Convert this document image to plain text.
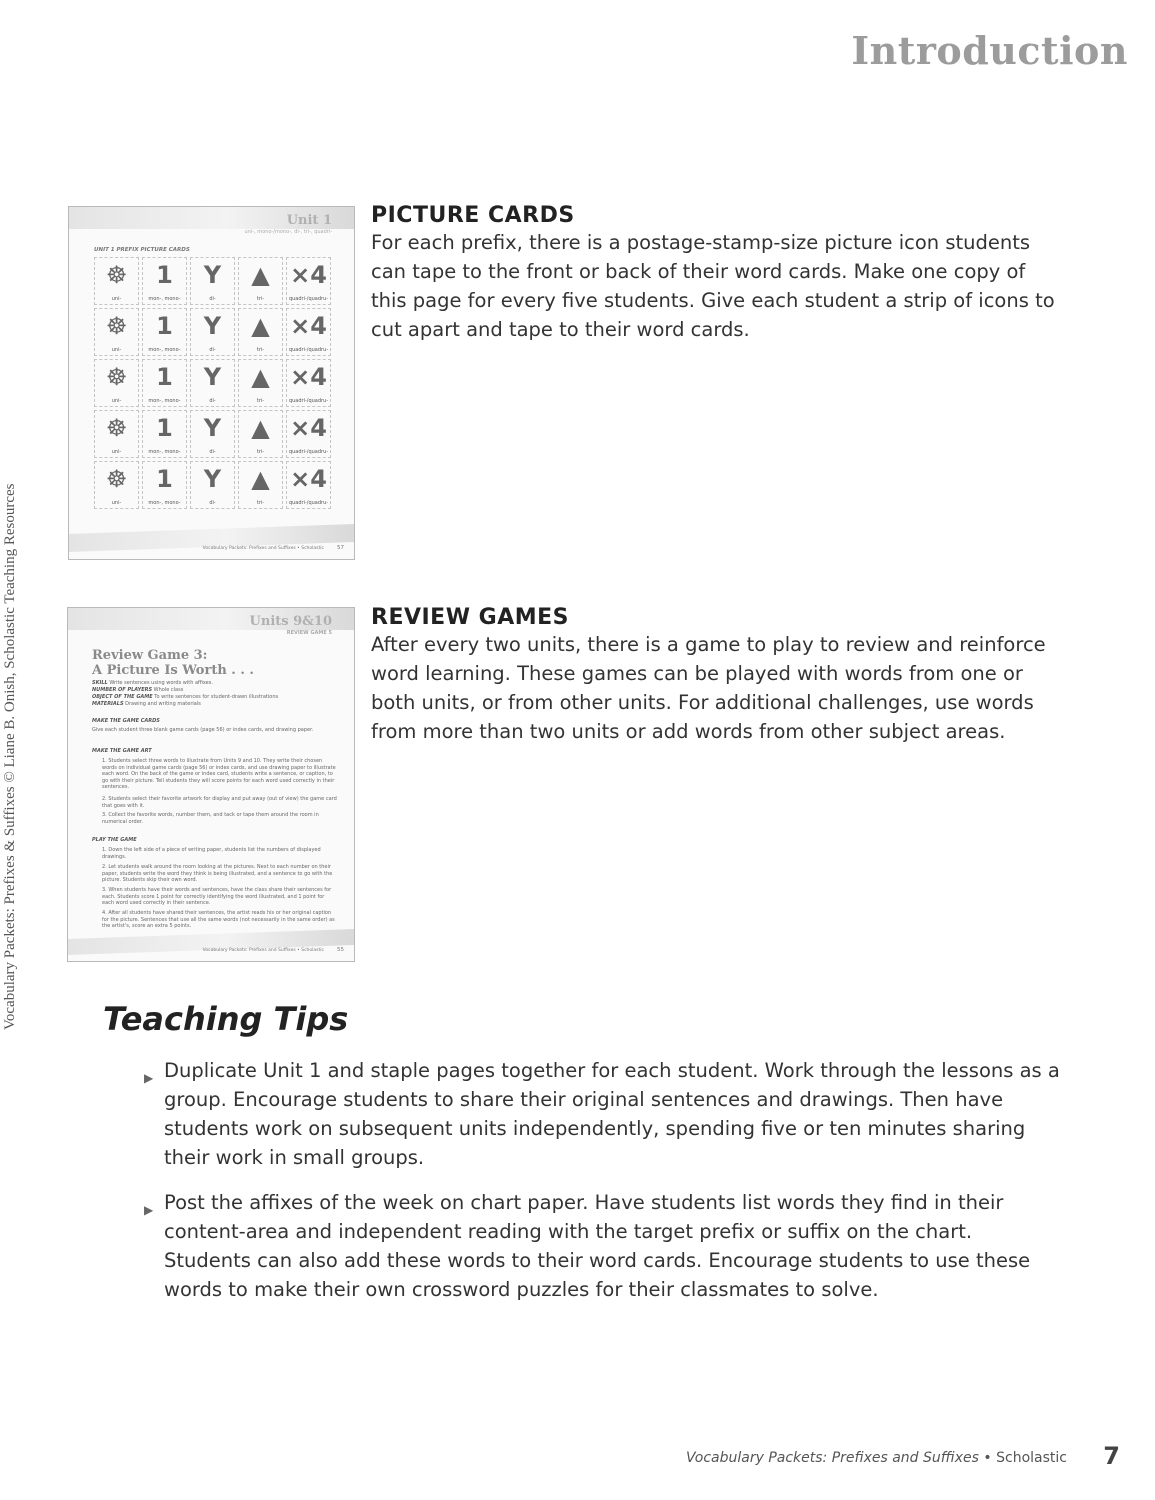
Introduction
Vocabulary Packets: Prefixes & Suffixes © Liane B. Onish, Scholastic Teaching Resources
Unit 1
uni-, mono-/mono-, di-, tri-, quadri-
UNIT 1 PREFIX PICTURE CARDS
☸
uni-
1
mon-, mono-
Y
di-
▲
tri-
×4
quadri-/quadru-
☸
uni-
1
mon-, mono-
Y
di-
▲
tri-
×4
quadri-/quadru-
☸
uni-
1
mon-, mono-
Y
di-
▲
tri-
×4
quadri-/quadru-
☸
uni-
1
mon-, mono-
Y
di-
▲
tri-
×4
quadri-/quadru-
☸
uni-
1
mon-, mono-
Y
di-
▲
tri-
×4
quadri-/quadru-
Vocabulary Packets: Prefixes and Suffixes • Scholastic 57
Units 9&10
REVIEW GAME 5
Review Game 3:
A Picture Is Worth . . .
SKILL Write sentences using words with affixes.
NUMBER OF PLAYERS Whole class
OBJECT OF THE GAME To write sentences for student-drawn illustrations
MATERIALS Drawing and writing materials
MAKE THE GAME CARDS
Give each student three blank game cards (page 56) or index cards, and drawing paper.
MAKE THE GAME ART
1. Students select three words to illustrate from Units 9 and 10. They write their chosen words on individual game cards (page 56) or index cards, and use drawing paper to illustrate each word. On the back of the game or index card, students write a sentence, or caption, to go with their picture. Tell students they will score points for each word used correctly in their sentences.
2. Students select their favorite artwork for display and put away (out of view) the game card that goes with it.
3. Collect the favorite words, number them, and tack or tape them around the room in numerical order.
PLAY THE GAME
1. Down the left side of a piece of writing paper, students list the numbers of displayed drawings.
2. Let students walk around the room looking at the pictures. Next to each number on their paper, students write the word they think is being illustrated, and a sentence to go with the picture. Students skip their own word.
3. When students have their words and sentences, have the class share their sentences for each. Students score 1 point for correctly identifying the word illustrated, and 1 point for each word used correctly in their sentence.
4. After all students have shared their sentences, the artist reads his or her original caption for the picture. Sentences that use all the same words (not necessarily in the same order) as the artist's, score an extra 5 points.
Vocabulary Packets: Prefixes and Suffixes • Scholastic 55
PICTURE CARDS
For each prefix, there is a postage-stamp-size picture icon students can tape to the front or back of their word cards. Make one copy of this page for every five students. Give each student a strip of icons to cut apart and tape to their word cards.
REVIEW GAMES
After every two units, there is a game to play to review and reinforce word learning. These games can be played with words from one or both units, or from other units. For additional challenges, use words from more than two units or add words from other subject areas.
Teaching Tips
▶ Duplicate Unit 1 and staple pages together for each student. Work through the lessons as a group. Encourage students to share their original sentences and drawings. Then have students work on subsequent units independently, spending five or ten minutes sharing their work in small groups.
▶ Post the affixes of the week on chart paper. Have students list words they find in their content-area and independent reading with the target prefix or suffix on the chart. Students can also add these words to their word cards. Encourage students to use these words to make their own crossword puzzles for their classmates to solve.
Vocabulary Packets: Prefixes and Suffixes • Scholastic 7
